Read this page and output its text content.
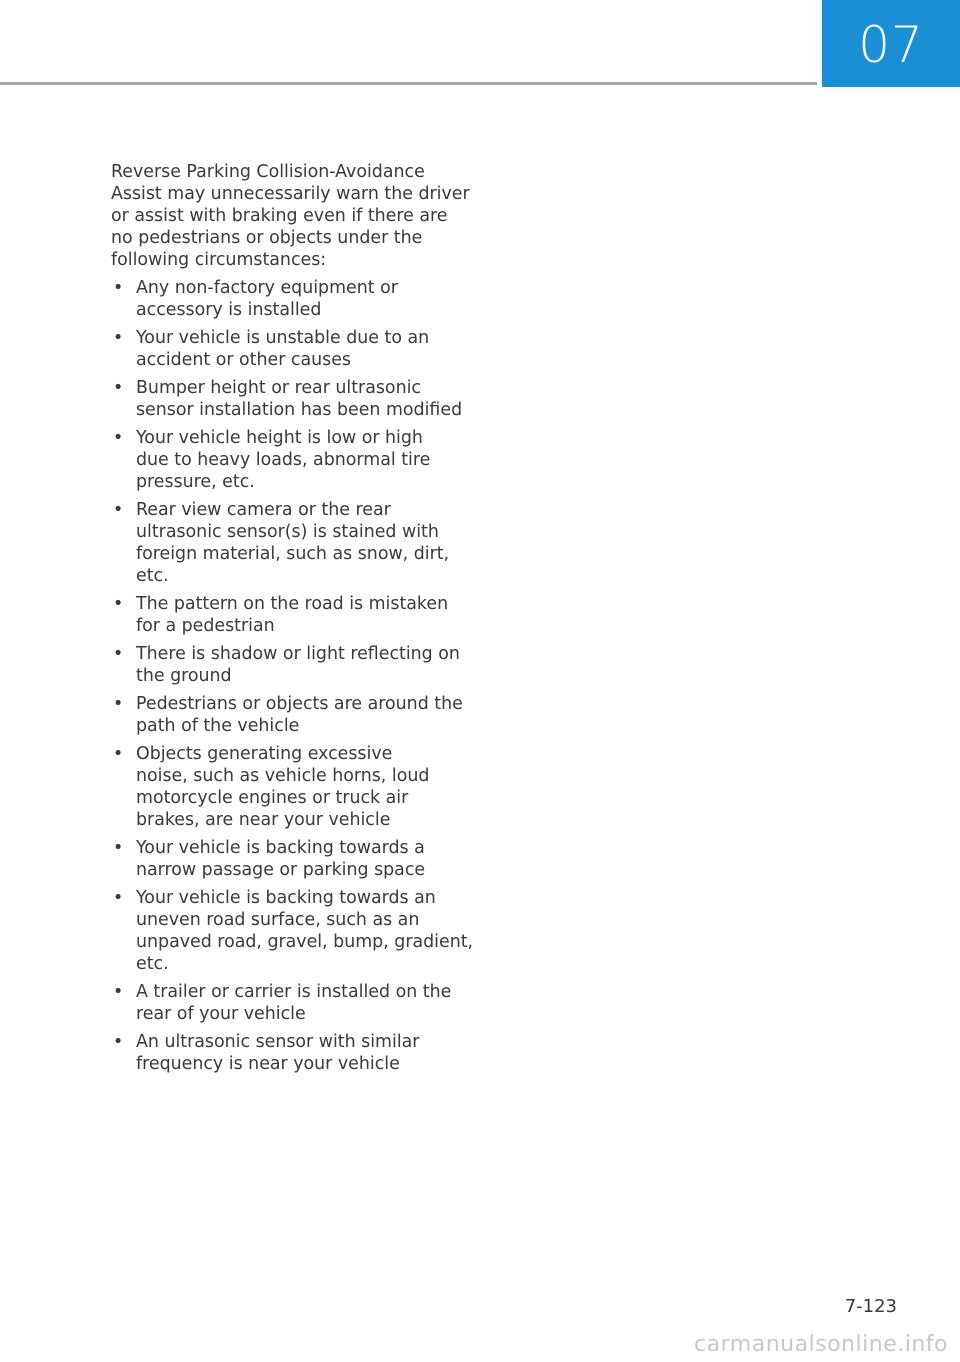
07

Reverse Parking Collision-Avoidance
Assist may unnecessarily warn the driver
or assist with braking even if there are
no pedestrians or objects under the
following circumstances:

• Any non-factory equipment or
accessory is installed
• Your vehicle is unstable due to an
accident or other causes
• Bumper height or rear ultrasonic
sensor installation has been modified
• Your vehicle height is low or high
due to heavy loads, abnormal tire
pressure, etc.
• Rear view camera or the rear
ultrasonic sensor(s) is stained with
foreign material, such as snow, dirt,
etc.
• The pattern on the road is mistaken
for a pedestrian
• There is shadow or light reflecting on
the ground
• Pedestrians or objects are around the
path of the vehicle
• Objects generating excessive
noise, such as vehicle horns, loud
motorcycle engines or truck air
brakes, are near your vehicle
• Your vehicle is backing towards a
narrow passage or parking space
• Your vehicle is backing towards an
uneven road surface, such as an
unpaved road, gravel, bump, gradient,
etc.
• A trailer or carrier is installed on the
rear of your vehicle
• An ultrasonic sensor with similar
frequency is near your vehicle
7-123
carmanualsonline.info
